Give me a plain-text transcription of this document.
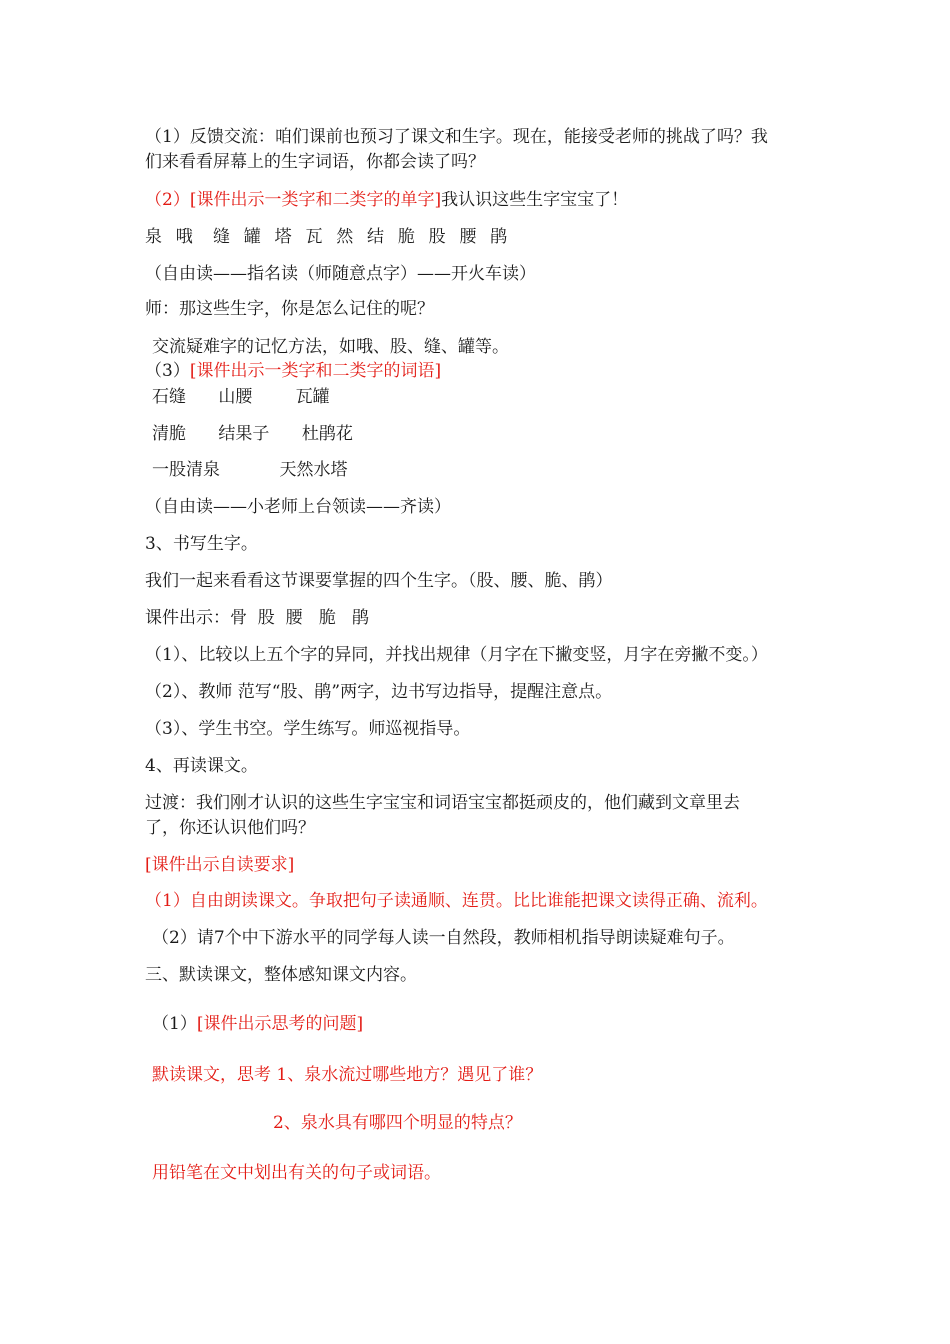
（1）反馈交流：咱们课前也预习了课文和生字。现在，能接受老师的挑战了吗？我

们来看看屏幕上的生字词语，你都会读了吗？

（2）[课件出示一类字和二类字的单字]我认识这些生字宝宝了！

泉  哦   缝  罐  塔  瓦  然  结  脆  股  腰  鹃

（自由读——指名读（师随意点字）——开火车读）

师：那这些生字，你是怎么记住的呢？

交流疑难字的记忆方法，如哦、股、缝、罐等。

（3）[课件出示一类字和二类字的词语]

石缝      山腰        瓦罐

清脆      结果子      杜鹃花

一股清泉           天然水塔

（自由读——小老师上台领读——齐读）

3、书写生字。

我们一起来看看这节课要掌握的四个生字。（股、腰、脆、鹃）

课件出示：骨  股  腰   脆   鹃

（1）、比较以上五个字的异同，并找出规律（月字在下撇变竖，月字在旁撇不变。）

（2）、教师 范写“股、鹃”两字，边书写边指导，提醒注意点。

（3）、学生书空。学生练写。师巡视指导。

4、再读课文。

过渡：我们刚才认识的这些生字宝宝和词语宝宝都挺顽皮的，他们藏到文章里去

了，你还认识他们吗？

[课件出示自读要求]

（1）自由朗读课文。争取把句子读通顺、连贯。比比谁能把课文读得正确、流利。

（2）请7个中下游水平的同学每人读一自然段，教师相机指导朗读疑难句子。

三、默读课文，整体感知课文内容。

（1）[课件出示思考的问题]

默读课文，思考 1、泉水流过哪些地方？遇见了谁？

2、泉水具有哪四个明显的特点？

用铅笔在文中划出有关的句子或词语。
